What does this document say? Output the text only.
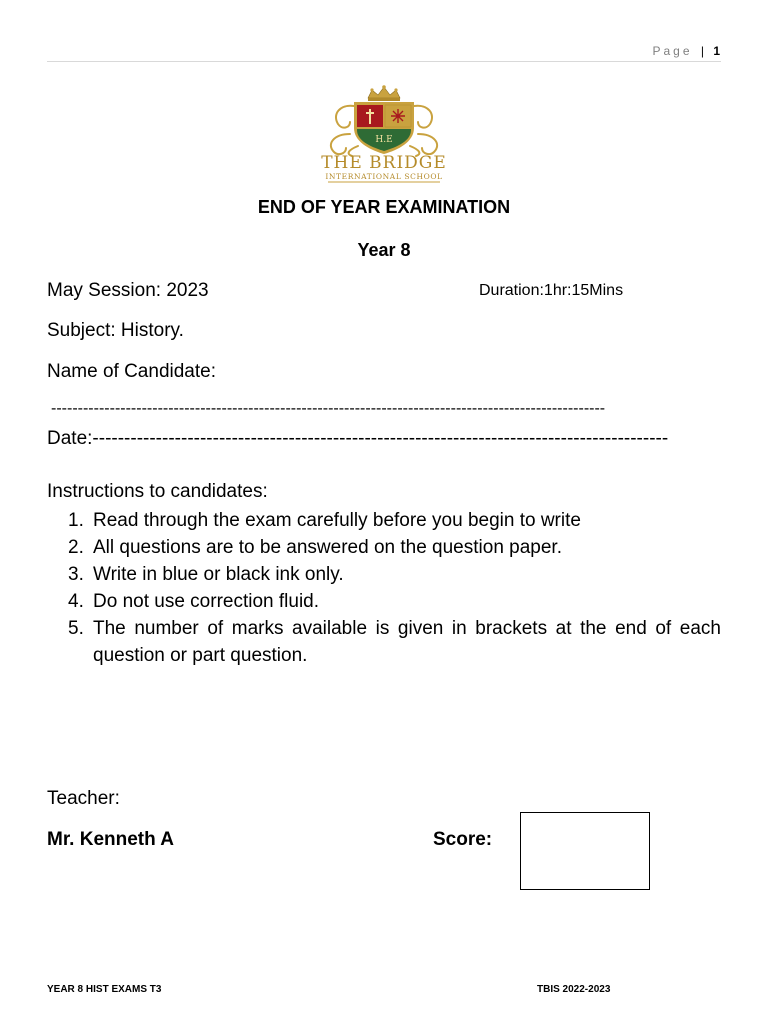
Page | 1
H.E
THE BRIDGE
INTERNATIONAL SCHOOL
END OF YEAR EXAMINATION
Year 8
May Session: 2023	Duration:1hr:15Mins
Subject: History.
Name of Candidate:
--------------------------------------------------------------------------------------------------------
Date:-------------------------------------------------------------------------------------------
Instructions to candidates:
1. Read through the exam carefully before you begin to write
2. All questions are to be answered on the question paper.
3. Write in blue or black ink only.
4. Do not use correction fluid.
5. The number of marks available is given in brackets at the end of each question or part question.
Teacher:
Mr. Kenneth A	Score:
YEAR 8 HIST EXAMS T3	TBIS 2022-2023
